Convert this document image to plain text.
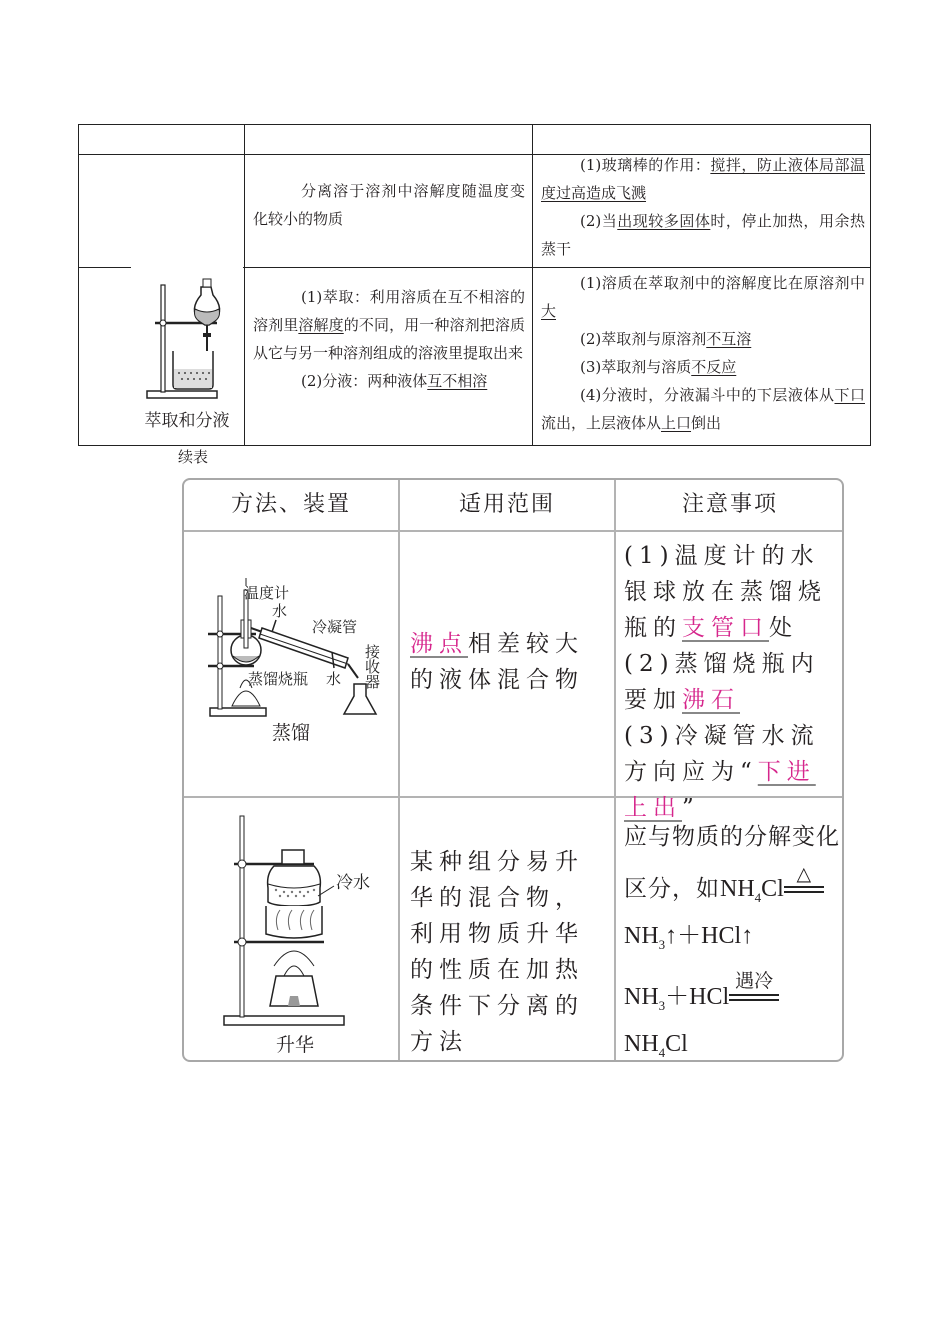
分离溶于溶剂中溶解度随温度变化较小的物质

(1)玻璃棒的作用：搅拌，防止液体局部温度过高造成飞溅

(2)当出现较多固体时，停止加热，用余热蒸干

萃取和分液

(1)萃取：利用溶质在互不相溶的溶剂里溶解度的不同，用一种溶剂把溶质从它与另一种溶剂组成的溶液里提取出来

(2)分液：两种液体互不相溶

(1)溶质在萃取剂中的溶解度比在原溶剂中大

(2)萃取剂与原溶剂不互溶

(3)萃取剂与溶质不反应

(4)分液时，分液漏斗中的下层液体从下口流出，上层液体从上口倒出

续表
方法、装置	适用范围	注意事项
温度计
水
冷凝管
蒸馏烧瓶 水 接收器
蒸馏
沸点相差较大的液体混合物
(1)温度计的水银球放在蒸馏烧瓶的支管口处
(2)蒸馏烧瓶内要加沸石
(3)冷凝管水流方向应为“下进上出”
冷水
升华
某种组分易升华的混合物，利用物质升华的性质在加热条件下分离的方法
应与物质的分解变化
区分，如$NH_4Cl$
△
$NH_3↑+HCl↑$
$NH_3+HCl$
遇冷
$NH_4Cl$
